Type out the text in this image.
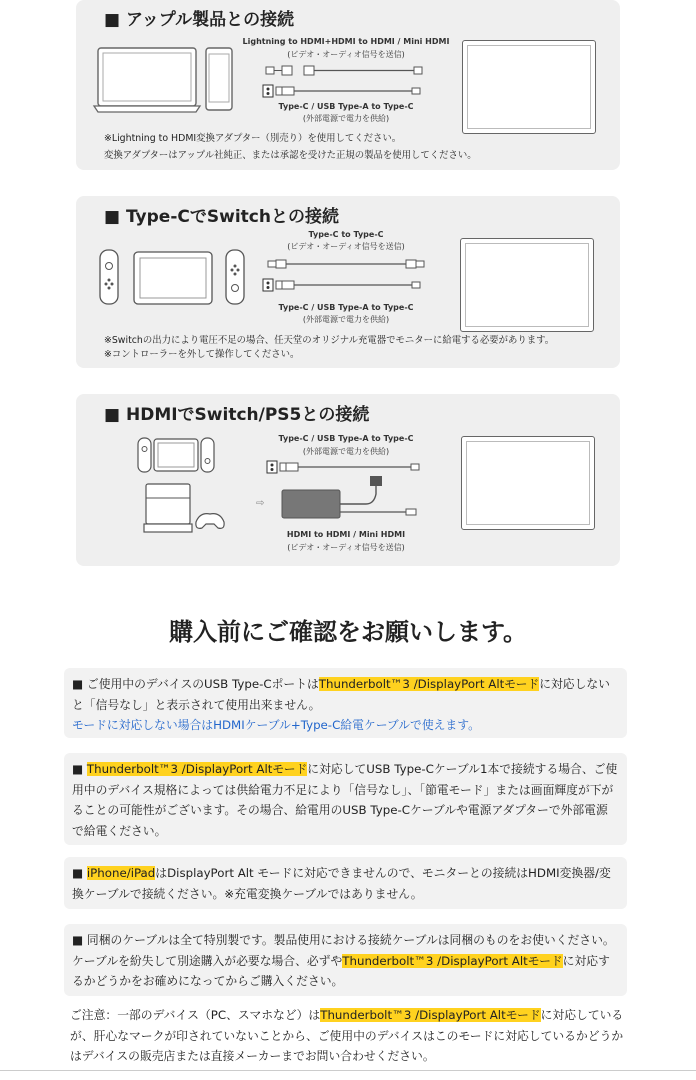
■ アップル製品との接続
Lightning to HDMI+HDMI to HDMI / Mini HDMI
(ビデオ・オーディオ信号を送信)
Type-C / USB Type-A to Type-C
(外部電源で電力を供給)
※Lightning to HDMI変換アダプター（別売り）を使用してください。
変換アダプターはアップル社純正、または承認を受けた正規の製品を使用してください。
■ Type-CでSwitchとの接続
Type-C to Type-C
(ビデオ・オーディオ信号を送信)
Type-C / USB Type-A to Type-C
(外部電源で電力を供給)
※Switchの出力により電圧不足の場合、任天堂のオリジナル充電器でモニターに給電する必要があります。
※コントローラーを外して操作してください。
■ HDMIでSwitch/PS5との接続
Type-C / USB Type-A to Type-C
(外部電源で電力を供給)
⇨
HDMI to HDMI / Mini HDMI
(ビデオ・オーディオ信号を送信)
購入前にご確認をお願いします。
■ ご使用中のデバイスのUSB Type-CポートはThunderbolt™3 /DisplayPort Altモードに対応しないと「信号なし」と表示されて使用出来ません。
モードに対応しない場合はHDMIケーブル+Type-C給電ケーブルで使えます。
■ Thunderbolt™3 /DisplayPort Altモードに対応してUSB Type-Cケーブル1本で接続する場合、ご使用中のデバイス規格によっては供給電力不足により「信号なし」、「節電モード」または画面輝度が下がることの可能性がございます。その場合、給電用のUSB Type-Cケーブルや電源アダプターで外部電源で給電ください。
■ iPhone/iPadはDisplayPort Alt モードに対応できませんので、モニターとの接続はHDMI変換器/変換ケーブルで接続ください。※充電変換ケーブルではありません。
■ 同梱のケーブルは全て特別製です。製品使用における接続ケーブルは同梱のものをお使いください。ケーブルを紛失して別途購入が必要な場合、必ずやThunderbolt™3 /DisplayPort Altモードに対応するかどうかをお確めになってからご購入ください。
ご注意：一部のデバイス（PC、スマホなど）はThunderbolt™3 /DisplayPort Altモードに対応しているが、肝心なマークが印されていないことから、ご使用中のデバイスはこのモードに対応しているかどうかはデバイスの販売店または直接メーカーまでお問い合わせください。
